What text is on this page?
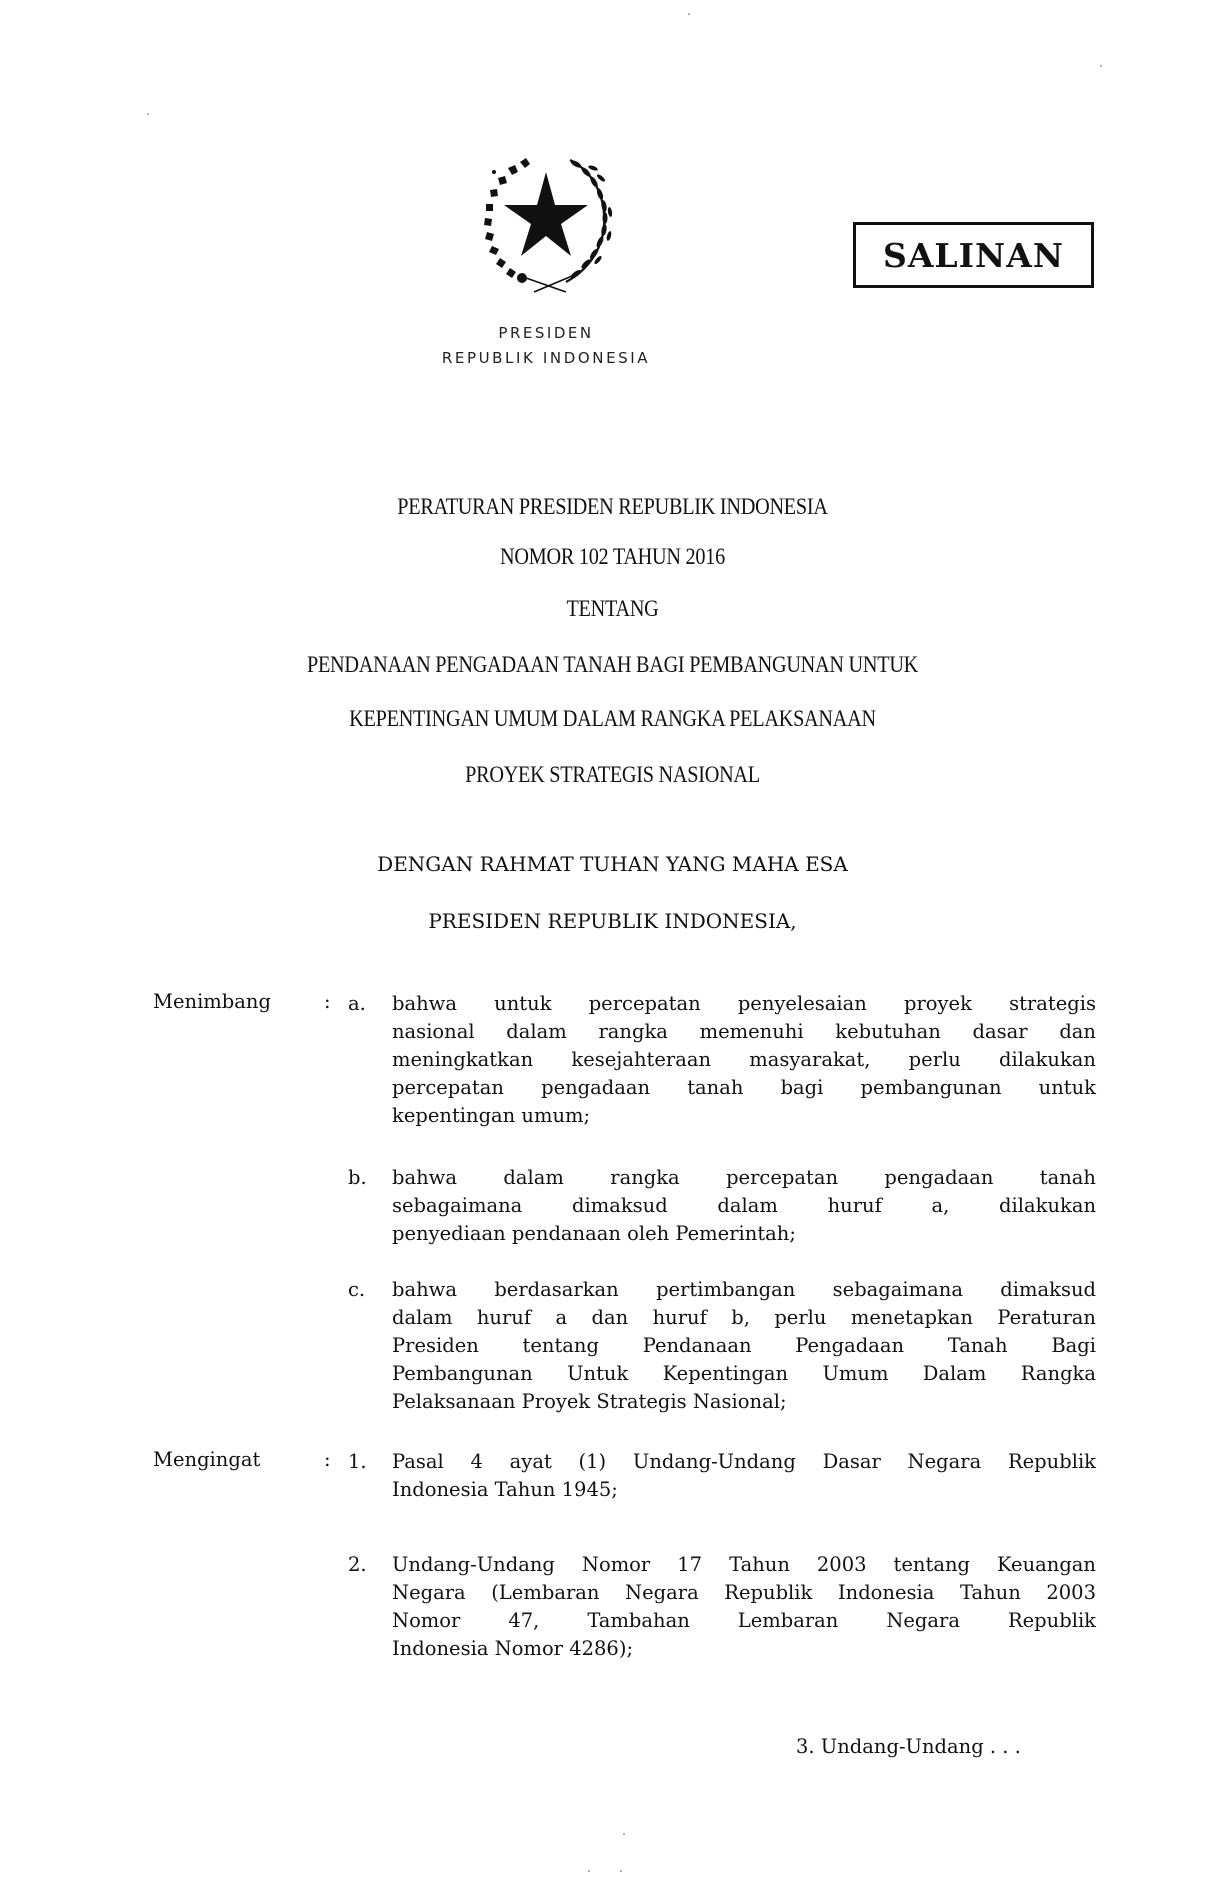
SALINAN
PRESIDEN
REPUBLIK INDONESIA
PERATURAN PRESIDEN REPUBLIK INDONESIA
NOMOR 102 TAHUN 2016
TENTANG
PENDANAAN PENGADAAN TANAH BAGI PEMBANGUNAN UNTUK
KEPENTINGAN UMUM DALAM RANGKA PELAKSANAAN
PROYEK STRATEGIS NASIONAL
DENGAN RAHMAT TUHAN YANG MAHA ESA
PRESIDEN REPUBLIK INDONESIA,
Menimbang	: a. bahwa untuk percepatan penyelesaian proyek strategis
nasional dalam rangka memenuhi kebutuhan dasar dan
meningkatkan kesejahteraan masyarakat, perlu dilakukan
percepatan pengadaan tanah bagi pembangunan untuk
kepentingan umum;
b. bahwa dalam rangka percepatan pengadaan tanah
sebagaimana dimaksud dalam huruf a, dilakukan
penyediaan pendanaan oleh Pemerintah;
c. bahwa berdasarkan pertimbangan sebagaimana dimaksud
dalam huruf a dan huruf b, perlu menetapkan Peraturan
Presiden tentang Pendanaan Pengadaan Tanah Bagi
Pembangunan Untuk Kepentingan Umum Dalam Rangka
Pelaksanaan Proyek Strategis Nasional;
Mengingat	: 1. Pasal 4 ayat (1) Undang-Undang Dasar Negara Republik
Indonesia Tahun 1945;
2. Undang-Undang Nomor 17 Tahun 2003 tentang Keuangan
Negara (Lembaran Negara Republik Indonesia Tahun 2003
Nomor 47, Tambahan Lembaran Negara Republik
Indonesia Nomor 4286);
3. Undang-Undang . . .
